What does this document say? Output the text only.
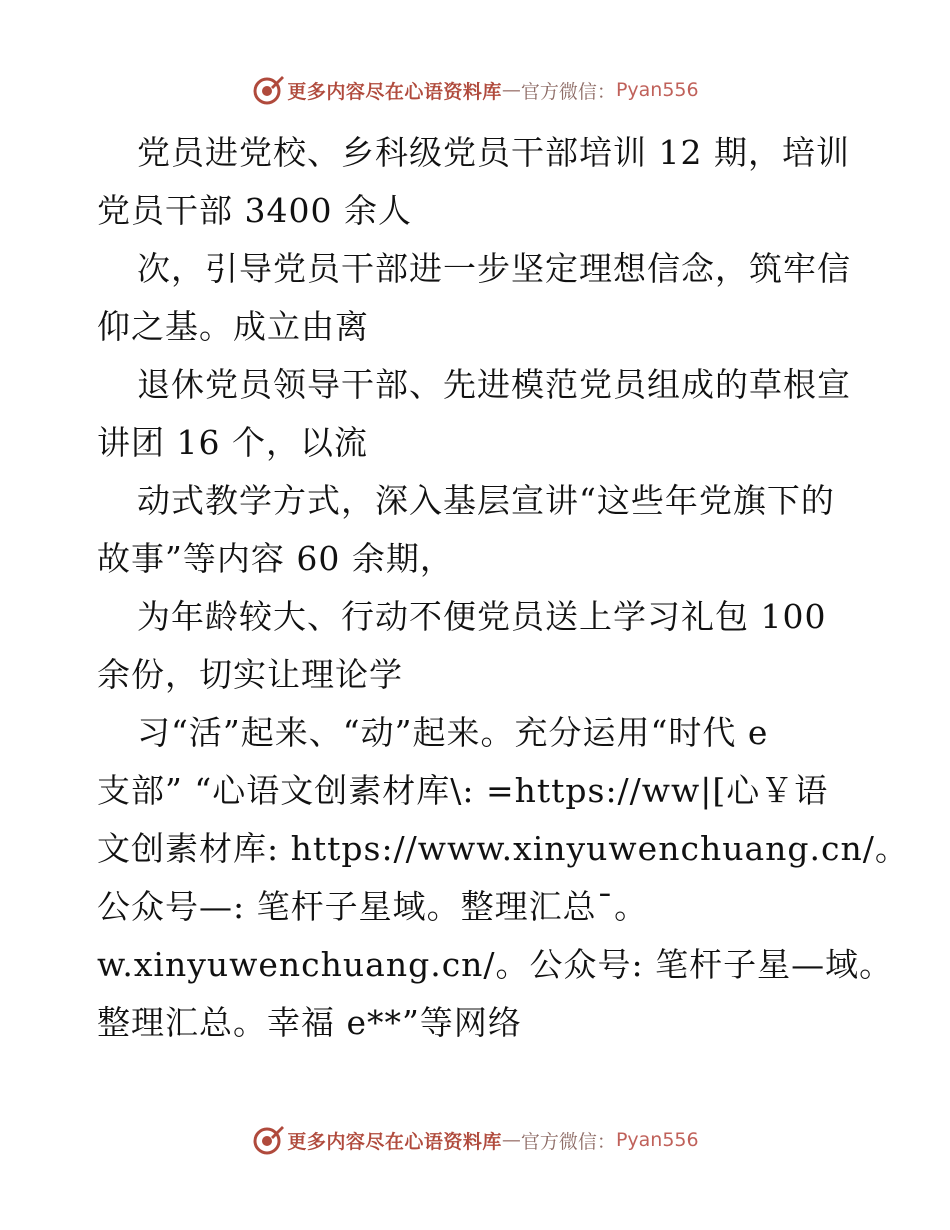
更多内容尽在心语资料库 — 官方微信： Pyan556
党员进党校、乡科级党员干部培训 12 期，培训
党员干部 3400 余人
次，引导党员干部进一步坚定理想信念，筑牢信
仰之基。成立由离
退休党员领导干部、先进模范党员组成的草根宣
讲团 16 个，以流
动式教学方式，深入基层宣讲“这些年党旗下的
故事”等内容 60 余期，
为年龄较大、行动不便党员送上学习礼包 100
余份，切实让理论学
习“活”起来、“动”起来。充分运用“时代 e
支部” “心语文创素材库\: =https://ww|[心￥语
文创素材库: https://www.xinyuwenchuang.cn/。
公众号—: 笔杆子星域。整理汇总¯。
w.xinyuwenchuang.cn/。公众号: 笔杆子星—域。
整理汇总。幸福 e**”等网络
更多内容尽在心语资料库 — 官方微信： Pyan556
